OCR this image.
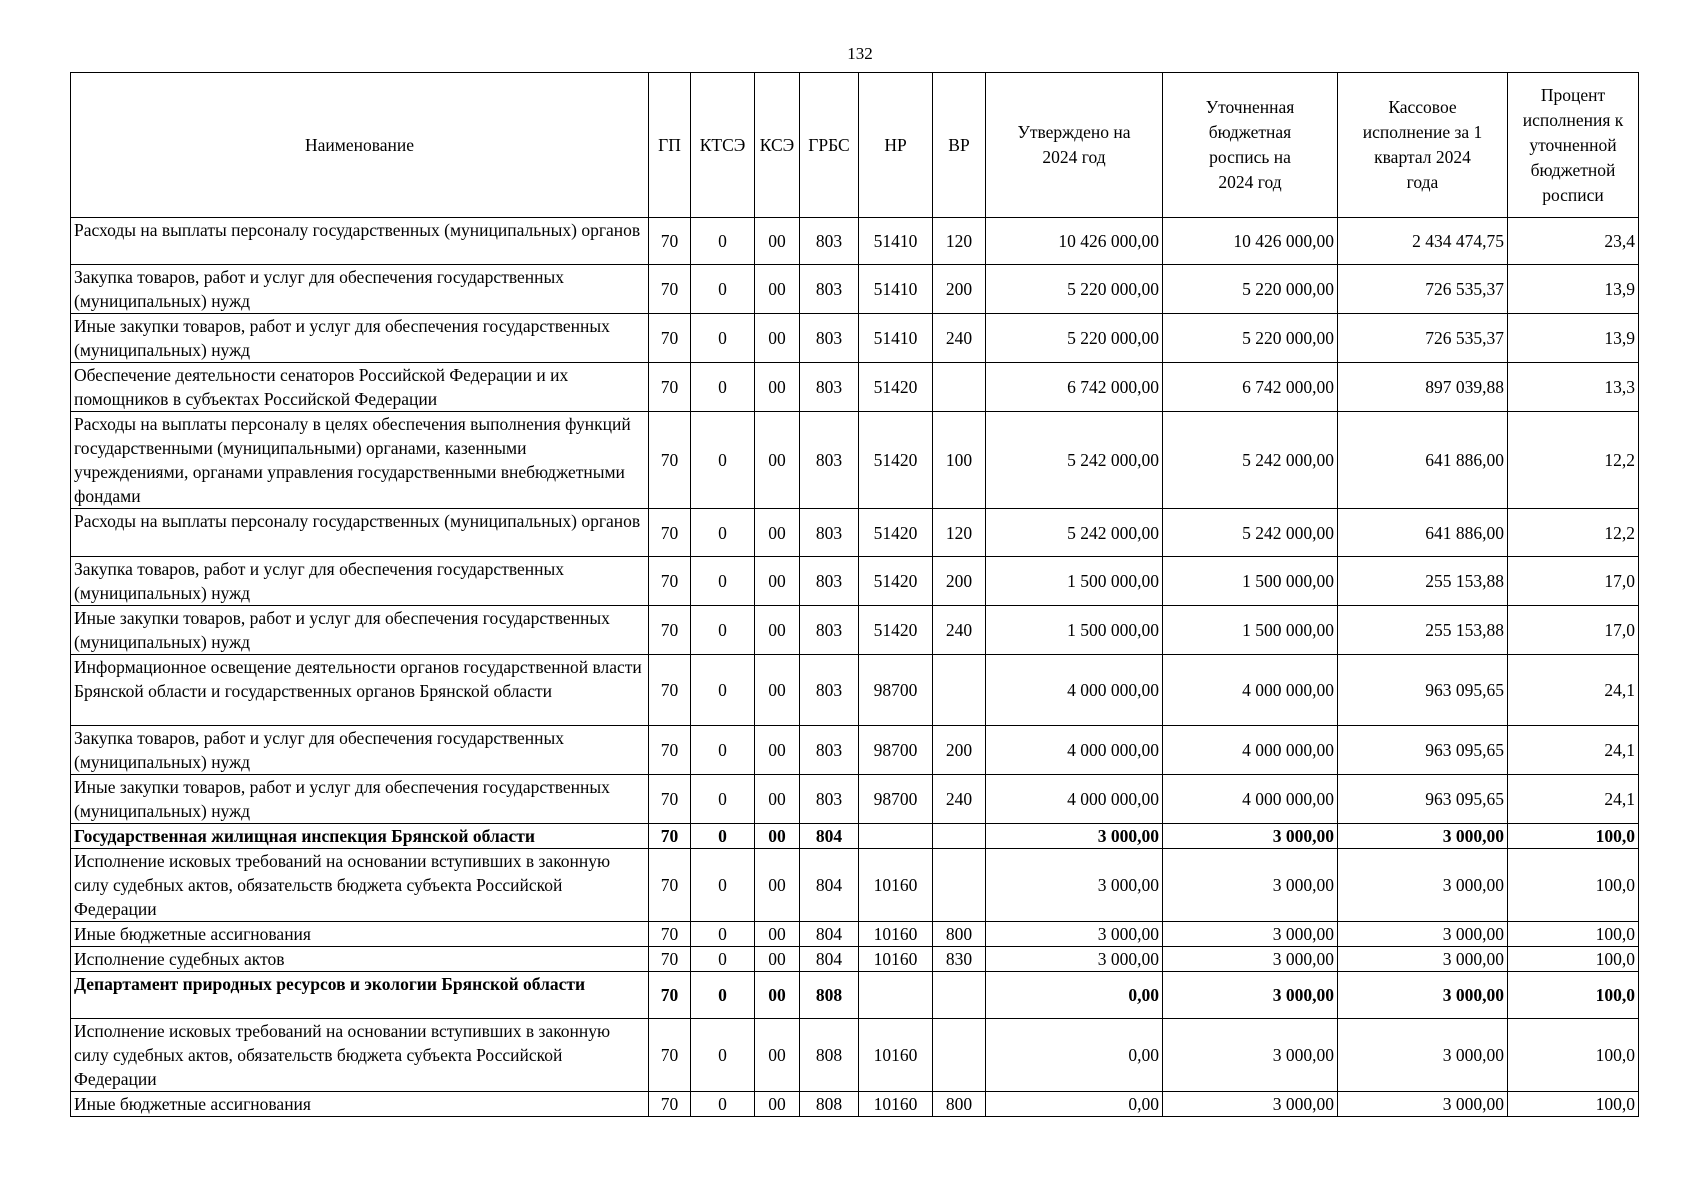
132
Наименование	ГП	КТСЭ	КСЭ	ГРБС	НР	ВР	Утверждено на 2024 год	Уточненная бюджетная роспись на 2024 год	Кассовое исполнение за 1 квартал 2024 года	Процент исполнения к уточненной бюджетной росписи
Расходы на выплаты персоналу государственных (муниципальных) органов	70	0	00	803	51410	120	10 426 000,00	10 426 000,00	2 434 474,75	23,4
Закупка товаров, работ и услуг для обеспечения государственных (муниципальных) нужд	70	0	00	803	51410	200	5 220 000,00	5 220 000,00	726 535,37	13,9
Иные закупки товаров, работ и услуг для обеспечения государственных (муниципальных) нужд	70	0	00	803	51410	240	5 220 000,00	5 220 000,00	726 535,37	13,9
Обеспечение деятельности сенаторов Российской Федерации и их помощников в субъектах Российской Федерации	70	0	00	803	51420		6 742 000,00	6 742 000,00	897 039,88	13,3
Расходы на выплаты персоналу в целях обеспечения выполнения функций государственными (муниципальными) органами, казенными учреждениями, органами управления государственными внебюджетными фондами	70	0	00	803	51420	100	5 242 000,00	5 242 000,00	641 886,00	12,2
Расходы на выплаты персоналу государственных (муниципальных) органов	70	0	00	803	51420	120	5 242 000,00	5 242 000,00	641 886,00	12,2
Закупка товаров, работ и услуг для обеспечения государственных (муниципальных) нужд	70	0	00	803	51420	200	1 500 000,00	1 500 000,00	255 153,88	17,0
Иные закупки товаров, работ и услуг для обеспечения государственных (муниципальных) нужд	70	0	00	803	51420	240	1 500 000,00	1 500 000,00	255 153,88	17,0
Информационное освещение деятельности органов государственной власти Брянской области и государственных органов Брянской области	70	0	00	803	98700		4 000 000,00	4 000 000,00	963 095,65	24,1
Закупка товаров, работ и услуг для обеспечения государственных (муниципальных) нужд	70	0	00	803	98700	200	4 000 000,00	4 000 000,00	963 095,65	24,1
Иные закупки товаров, работ и услуг для обеспечения государственных (муниципальных) нужд	70	0	00	803	98700	240	4 000 000,00	4 000 000,00	963 095,65	24,1
Государственная жилищная инспекция Брянской области	70	0	00	804			3 000,00	3 000,00	3 000,00	100,0
Исполнение исковых требований на основании вступивших в законную силу судебных актов, обязательств бюджета субъекта Российской Федерации	70	0	00	804	10160		3 000,00	3 000,00	3 000,00	100,0
Иные бюджетные ассигнования	70	0	00	804	10160	800	3 000,00	3 000,00	3 000,00	100,0
Исполнение судебных актов	70	0	00	804	10160	830	3 000,00	3 000,00	3 000,00	100,0
Департамент природных ресурсов и экологии Брянской области	70	0	00	808			0,00	3 000,00	3 000,00	100,0
Исполнение исковых требований на основании вступивших в законную силу судебных актов, обязательств бюджета субъекта Российской Федерации	70	0	00	808	10160		0,00	3 000,00	3 000,00	100,0
Иные бюджетные ассигнования	70	0	00	808	10160	800	0,00	3 000,00	3 000,00	100,0
